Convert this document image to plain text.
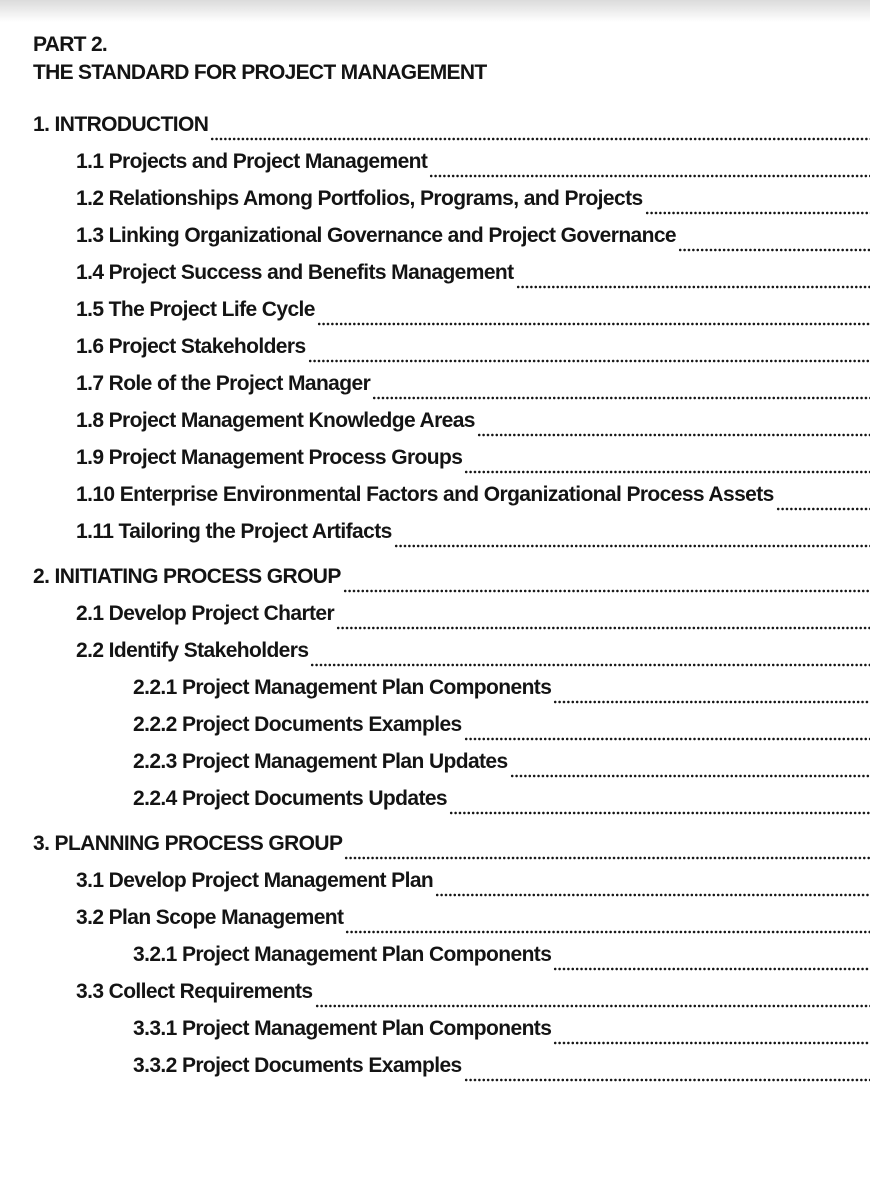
PART 2.
THE STANDARD FOR PROJECT MANAGEMENT
1. INTRODUCTION
1.1 Projects and Project Management
1.2 Relationships Among Portfolios, Programs, and Projects
1.3 Linking Organizational Governance and Project Governance
1.4 Project Success and Benefits Management
1.5 The Project Life Cycle
1.6 Project Stakeholders
1.7 Role of the Project Manager
1.8 Project Management Knowledge Areas
1.9 Project Management Process Groups
1.10 Enterprise Environmental Factors and Organizational Process Assets
1.11 Tailoring the Project Artifacts
2. INITIATING PROCESS GROUP
2.1 Develop Project Charter
2.2 Identify Stakeholders
2.2.1 Project Management Plan Components
2.2.2 Project Documents Examples
2.2.3 Project Management Plan Updates
2.2.4 Project Documents Updates
3. PLANNING PROCESS GROUP
3.1 Develop Project Management Plan
3.2 Plan Scope Management
3.2.1 Project Management Plan Components
3.3 Collect Requirements
3.3.1 Project Management Plan Components
3.3.2 Project Documents Examples
